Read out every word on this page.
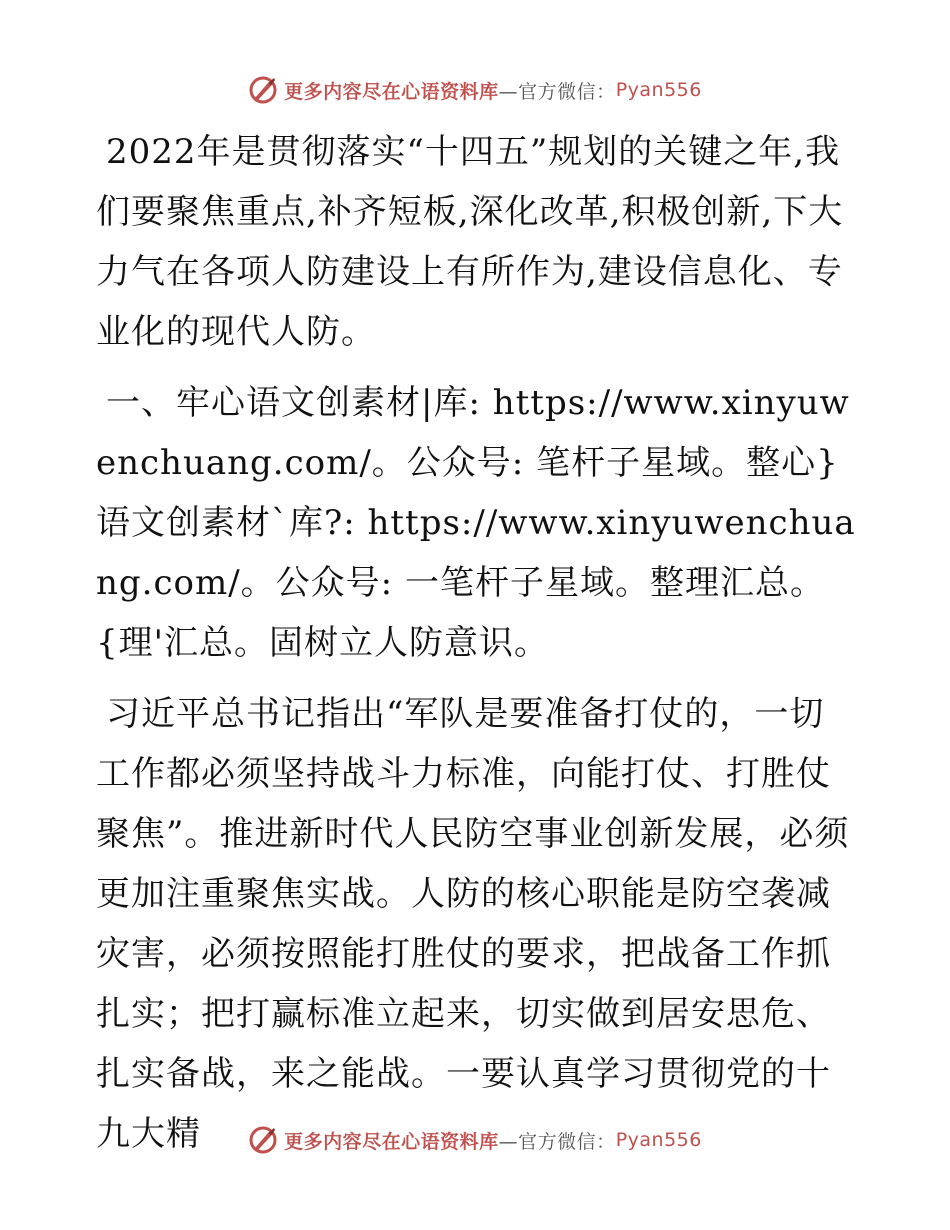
更多内容尽在心语资料库 —官方微信： Pyan556

2022年是贯彻落实“十四五”规划的关键之年,我们要聚焦重点,补齐短板,深化改革,积极创新,下大力气在各项人防建设上有所作为,建设信息化、专业化的现代人防。

一、牢心语文创素材|库: https://www.xinyuwenchuang.com/。公众号: 笔杆子星域。整心}语文创素材`库?: https://www.xinyuwenchuang.com/。公众号: 一笔杆子星域。整理汇总。{理'汇总。固树立人防意识。

习近平总书记指出“军队是要准备打仗的，一切工作都必须坚持战斗力标准，向能打仗、打胜仗聚焦”。推进新时代人民防空事业创新发展，必须更加注重聚焦实战。人防的核心职能是防空袭减灾害，必须按照能打胜仗的要求，把战备工作抓扎实；把打赢标准立起来，切实做到居安思危、扎实备战，来之能战。一要认真学习贯彻党的十九大精	更多内容尽在心语资料库 —官方微信： Pyan556
